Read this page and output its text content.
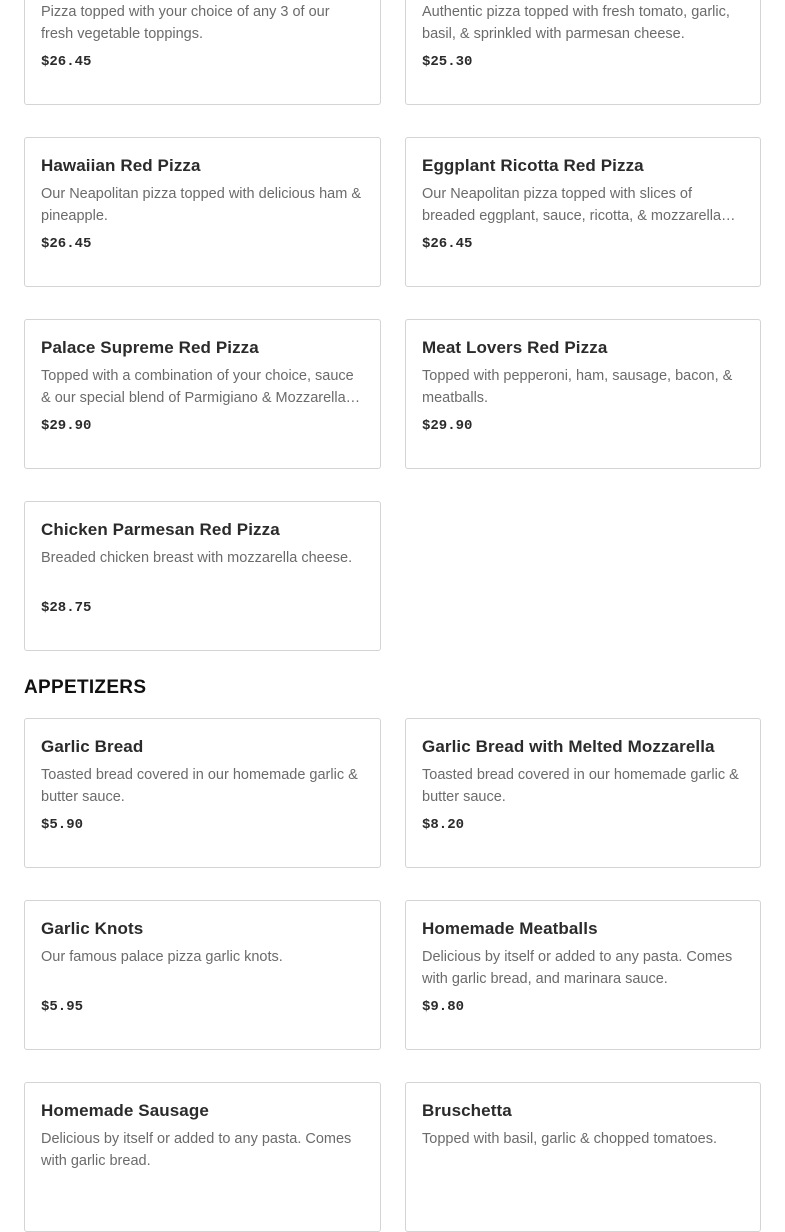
Pizza topped with your choice of any 3 of our fresh vegetable toppings.
$26.45
Authentic pizza topped with fresh tomato, garlic, basil, & sprinkled with parmesan cheese.
$25.30
Hawaiian Red Pizza
Our Neapolitan pizza topped with delicious ham & pineapple.
$26.45
Eggplant Ricotta Red Pizza
Our Neapolitan pizza topped with slices of breaded eggplant, sauce, ricotta, & mozzarella
$26.45
Palace Supreme Red Pizza
Topped with a combination of your choice, sauce & our special blend of Parmigiano & Mozzarella
$29.90
Meat Lovers Red Pizza
Topped with pepperoni, ham, sausage, bacon, & meatballs.
$29.90
Chicken Parmesan Red Pizza
Breaded chicken breast with mozzarella cheese.
$28.75
APPETIZERS
Garlic Bread
Toasted bread covered in our homemade garlic & butter sauce.
$5.90
Garlic Bread with Melted Mozzarella
Toasted bread covered in our homemade garlic & butter sauce.
$8.20
Garlic Knots
Our famous palace pizza garlic knots.
$5.95
Homemade Meatballs
Delicious by itself or added to any pasta. Comes with garlic bread, and marinara sauce.
$9.80
Homemade Sausage
Delicious by itself or added to any pasta. Comes with garlic bread.
Bruschetta
Topped with basil, garlic & chopped tomatoes.
